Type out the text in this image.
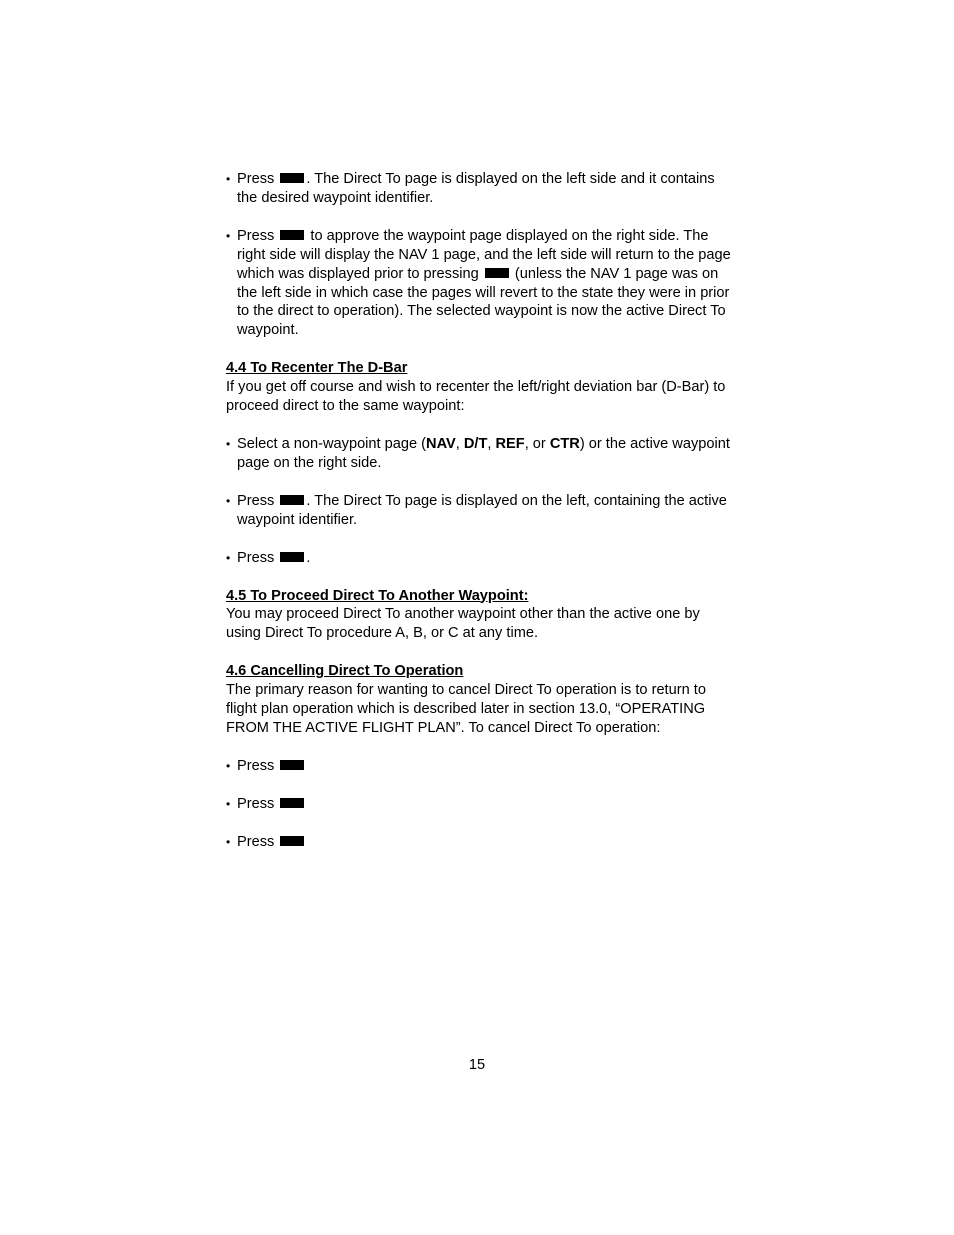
• Press . The Direct To page is displayed on the left side and it contains the desired waypoint identifier.

• Press  to approve the waypoint page displayed on the right side. The right side will display the NAV 1 page, and the left side will return to the page which was displayed prior to pressing  (unless the NAV 1 page was on the left side in which case the pages will revert to the state they were in prior to the direct to operation). The selected waypoint is now the active Direct To waypoint.

4.4 To Recenter The D-Bar

If you get off course and wish to recenter the left/right deviation bar (D-Bar) to proceed direct to the same waypoint:

• Select a non-waypoint page (NAV, D/T, REF, or CTR) or the active waypoint page on the right side.

• Press . The Direct To page is displayed on the left, containing the active waypoint identifier.

• Press .

4.5 To Proceed Direct To Another Waypoint:

You may proceed Direct To another waypoint other than the active one by using Direct To procedure A, B, or C at any time.

4.6 Cancelling Direct To Operation

The primary reason for wanting to cancel Direct To operation is to return to flight plan operation which is described later in section 13.0, “OPERATING FROM THE ACTIVE FLIGHT PLAN”. To cancel Direct To operation:

• Press

• Press

• Press

15
